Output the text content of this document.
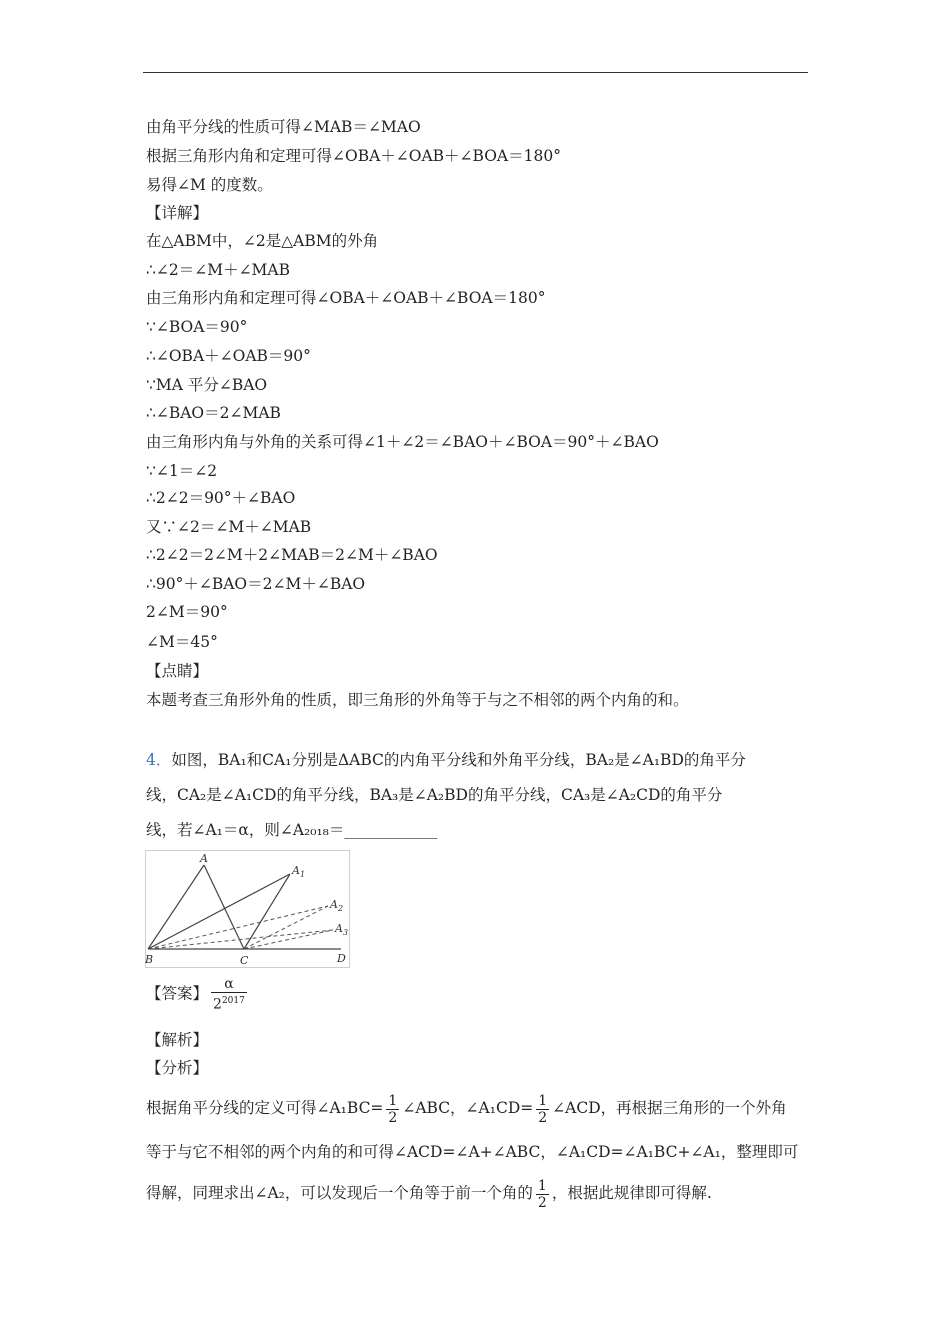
由角平分线的性质可得∠MAB＝∠MAO
根据三角形内角和定理可得∠OBA＋∠OAB＋∠BOA＝180°
易得∠M 的度数。
【详解】
在△ABM中，∠2是△ABM的外角
∴∠2＝∠M＋∠MAB
由三角形内角和定理可得∠OBA＋∠OAB＋∠BOA＝180°
∵∠BOA＝90°
∴∠OBA＋∠OAB＝90°
∵MA 平分∠BAO
∴∠BAO＝2∠MAB
由三角形内角与外角的关系可得∠1＋∠2＝∠BAO＋∠BOA＝90°＋∠BAO
∵∠1＝∠2
∴2∠2＝90°＋∠BAO
又∵∠2＝∠M＋∠MAB
∴2∠2＝2∠M＋2∠MAB＝2∠M＋∠BAO
∴90°＋∠BAO＝2∠M＋∠BAO
2∠M＝90°
∠M＝45°
【点睛】
本题考查三角形外角的性质，即三角形的外角等于与之不相邻的两个内角的和。
4．如图，BA₁和CA₁分别是ΔABC的内角平分线和外角平分线，BA₂是∠A₁BD的角平分
线，CA₂是∠A₁CD的角平分线，BA₃是∠A₂BD的角平分线，CA₃是∠A₂CD的角平分
线，若∠A₁＝α，则∠A₂₀₁₈＝____________
A
$A_1$
$A_2$
$A_3$
B	C	D
【答案】 $\frac{\alpha}{2^{2017}}$
【解析】
【分析】
根据角平分线的定义可得∠A₁BC= $\frac{1}{2}$ ∠ABC，∠A₁CD= $\frac{1}{2}$ ∠ACD，再根据三角形的一个外角
等于与它不相邻的两个内角的和可得∠ACD=∠A+∠ABC，∠A₁CD=∠A₁BC+∠A₁，整理即可
得解，同理求出∠A₂，可以发现后一个角等于前一个角的 $\frac{1}{2}$ ，根据此规律即可得解.
